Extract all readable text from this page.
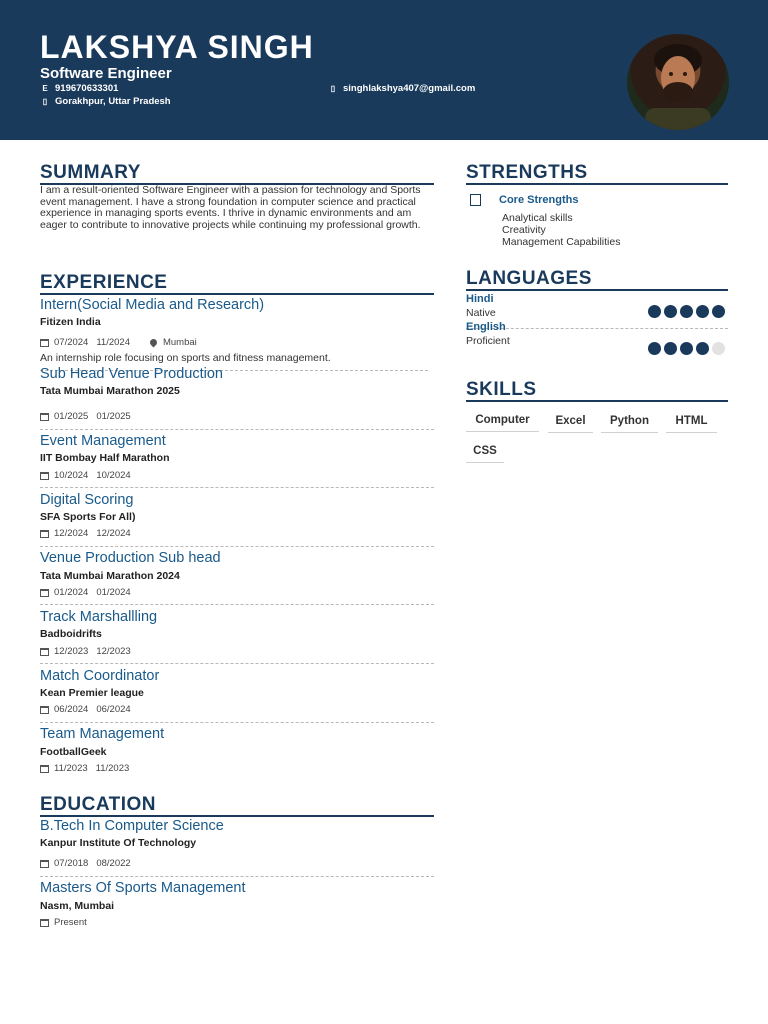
LAKSHYA SINGH
Software Engineer
E 919670633301	▯ singhlakshya407@gmail.com
▯ Gorakhpur, Uttar Pradesh
SUMMARY
I am a result-oriented Software Engineer with a passion for technology and Sports event management. I have a strong foundation in computer science and practical experience in managing sports events. I thrive in dynamic environments and am eager to contribute to innovative projects while continuing my professional growth.
EXPERIENCE
Intern(Social Media and Research)
Fitizen India
07/2024 11/2024	Mumbai
An internship role focusing on sports and fitness management.
Sub Head Venue Production
Tata Mumbai Marathon 2025
01/2025 01/2025
Event Management
IIT Bombay Half Marathon
10/2024 10/2024
Digital Scoring
SFA Sports For All)
12/2024 12/2024
Venue Production Sub head
Tata Mumbai Marathon 2024
01/2024 01/2024
Track Marshallling
Badboidrifts
12/2023 12/2023
Match Coordinator
Kean Premier league
06/2024 06/2024
Team Management
FootballGeek
11/2023 11/2023
EDUCATION
B.Tech In Computer Science
Kanpur Institute Of Technology
07/2018 08/2022
Masters Of Sports Management
Nasm, Mumbai
Present
STRENGTHS
Core Strengths
Analytical skills
Creativity
Management Capabilities
LANGUAGES
Hindi
Native
English
Proficient
SKILLS
Computer	Excel	Python	HTML
CSS
